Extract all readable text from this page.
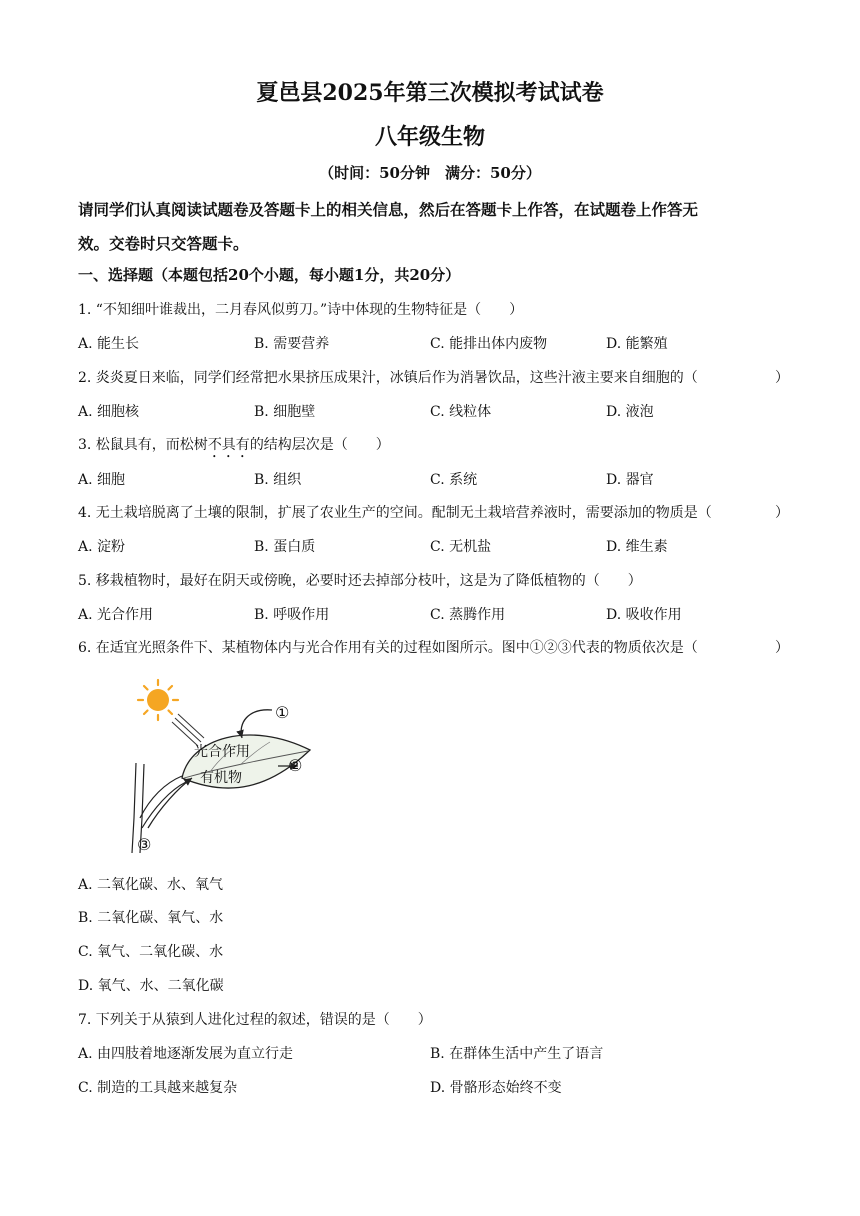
夏邑县2025年第三次模拟考试试卷
八年级生物
（时间：50分钟　满分：50分）
请同学们认真阅读试题卷及答题卡上的相关信息，然后在答题卡上作答，在试题卷上作答无
效。交卷时只交答题卡。
一、选择题（本题包括20个小题，每小题1分，共20分）
1. “不知细叶谁裁出，二月春风似剪刀。”诗中体现的生物特征是（　　）
A. 能生长	B. 需要营养	C. 能排出体内废物	D. 能繁殖
2. 炎炎夏日来临，同学们经常把水果挤压成果汁，冰镇后作为消暑饮品，这些汁液主要来自细胞的（	）
A. 细胞核	B. 细胞壁	C. 线粒体	D. 液泡
3. 松鼠具有，而松树不具有的结构层次是（　　）
A. 细胞	B. 组织	C. 系统	D. 器官
4. 无土栽培脱离了土壤的限制，扩展了农业生产的空间。配制无土栽培营养液时，需要添加的物质是（	）
A. 淀粉	B. 蛋白质	C. 无机盐	D. 维生素
5. 移栽植物时，最好在阴天或傍晚，必要时还去掉部分枝叶，这是为了降低植物的（　　）
A. 光合作用	B. 呼吸作用	C. 蒸腾作用	D. 吸收作用
6. 在适宜光照条件下、某植物体内与光合作用有关的过程如图所示。图中①②③代表的物质依次是（	）
光合作用
有机物
①
②
③
A. 二氧化碳、水、氧气
B. 二氧化碳、氧气、水
C. 氧气、二氧化碳、水
D. 氧气、水、二氧化碳
7. 下列关于从猿到人进化过程的叙述，错误的是（　　）
A. 由四肢着地逐渐发展为直立行走	B. 在群体生活中产生了语言
C. 制造的工具越来越复杂	D. 骨骼形态始终不变
